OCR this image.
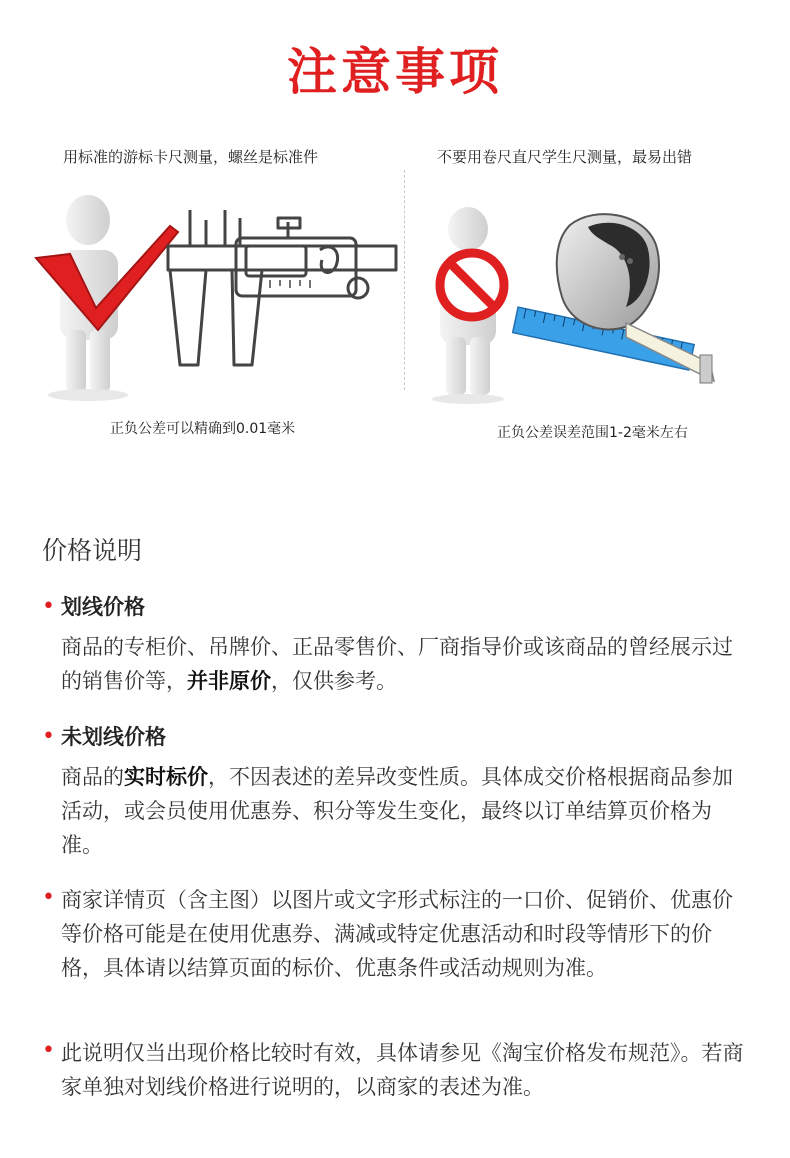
注意事项
用标准的游标卡尺测量，螺丝是标准件	不要用卷尺直尺学生尺测量，最易出错
正负公差可以精确到0.01毫米	正负公差误差范围1-2毫米左右
价格说明
• 划线价格
商品的专柜价、吊牌价、正品零售价、厂商指导价或该商品的曾经展示过的销售价等，并非原价，仅供参考。
• 未划线价格
商品的实时标价，不因表述的差异改变性质。具体成交价格根据商品参加活动，或会员使用优惠券、积分等发生变化，最终以订单结算页价格为准。
• 商家详情页（含主图）以图片或文字形式标注的一口价、促销价、优惠价等价格可能是在使用优惠券、满减或特定优惠活动和时段等情形下的价格，具体请以结算页面的标价、优惠条件或活动规则为准。
• 此说明仅当出现价格比较时有效，具体请参见《淘宝价格发布规范》。若商家单独对划线价格进行说明的，以商家的表述为准。
